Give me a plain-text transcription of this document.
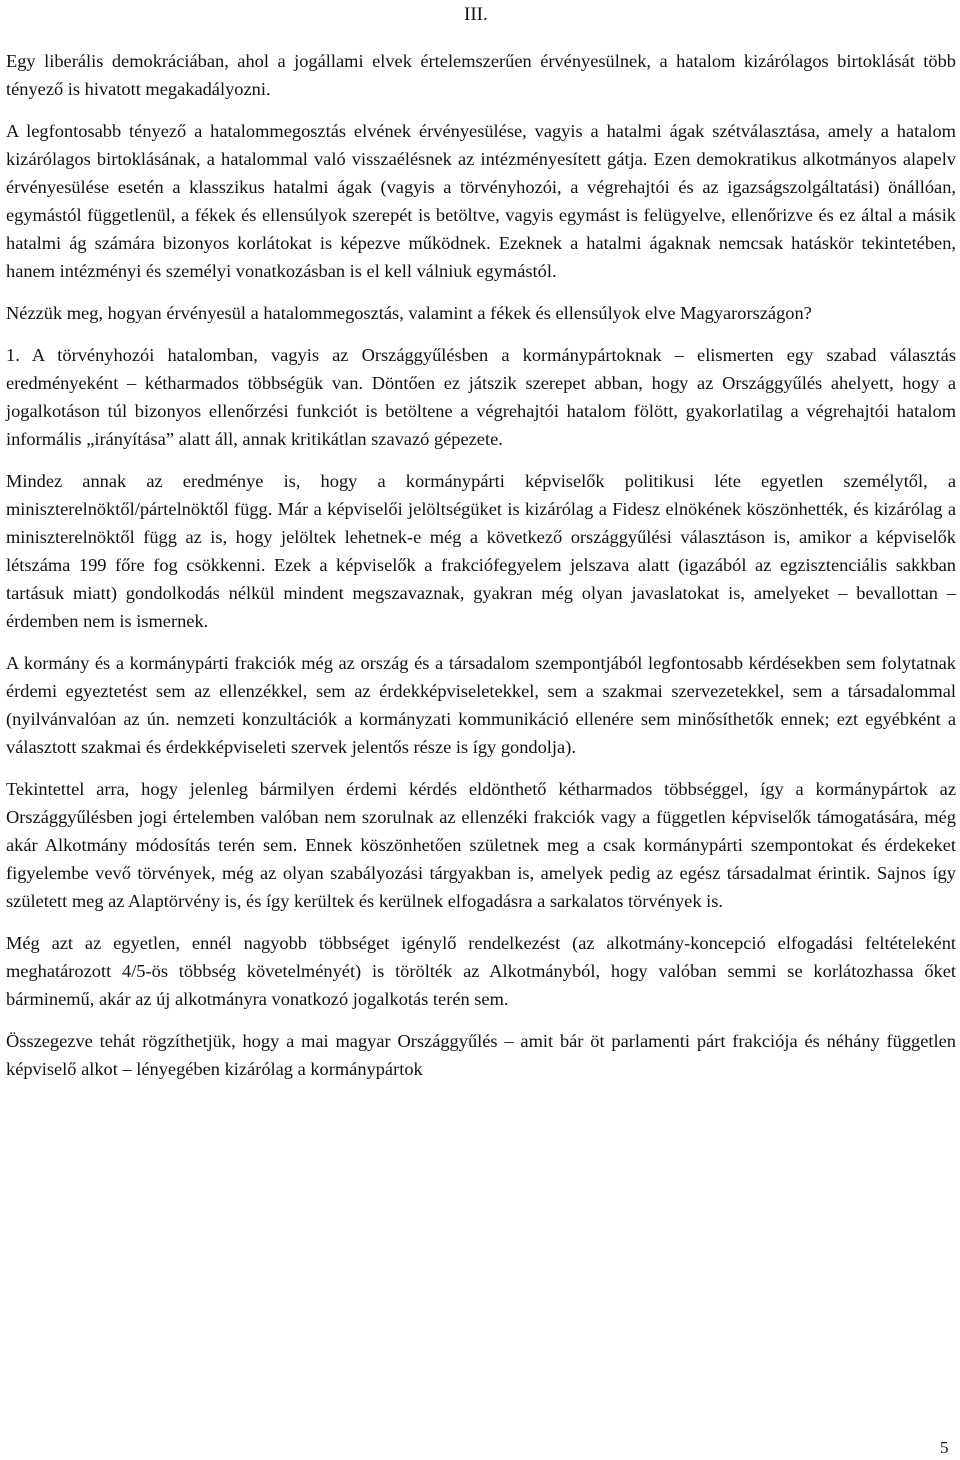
III.

Egy liberális demokráciában, ahol a jogállami elvek értelemszerűen érvényesülnek, a hatalom kizárólagos birtoklását több tényező is hivatott megakadályozni.

A legfontosabb tényező a hatalommegosztás elvének érvényesülése, vagyis a hatalmi ágak szétválasztása, amely a hatalom kizárólagos birtoklásának, a hatalommal való visszaélésnek az intézményesített gátja. Ezen demokratikus alkotmányos alapelv érvényesülése esetén a klasszikus hatalmi ágak (vagyis a törvényhozói, a végrehajtói és az igazságszolgáltatási) önállóan, egymástól függetlenül, a fékek és ellensúlyok szerepét is betöltve, vagyis egymást is felügyelve, ellenőrizve és ez által a másik hatalmi ág számára bizonyos korlátokat is képezve működnek. Ezeknek a hatalmi ágaknak nemcsak hatáskör tekintetében, hanem intézményi és személyi vonatkozásban is el kell válniuk egymástól.

Nézzük meg, hogyan érvényesül a hatalommegosztás, valamint a fékek és ellensúlyok elve Magyarországon?

1. A törvényhozói hatalomban, vagyis az Országgyűlésben a kormánypártoknak – elismerten egy szabad választás eredményeként – kétharmados többségük van. Döntően ez játszik szerepet abban, hogy az Országgyűlés ahelyett, hogy a jogalkotáson túl bizonyos ellenőrzési funkciót is betöltene a végrehajtói hatalom fölött, gyakorlatilag a végrehajtói hatalom informális „irányítása” alatt áll, annak kritikátlan szavazó gépezete.

Mindez annak az eredménye is, hogy a kormánypárti képviselők politikusi léte egyetlen személytől, a miniszterelnöktől/pártelnöktől függ. Már a képviselői jelöltségüket is kizárólag a Fidesz elnökének köszönhették, és kizárólag a miniszterelnöktől függ az is, hogy jelöltek lehetnek-e még a következő országgyűlési választáson is, amikor a képviselők létszáma 199 főre fog csökkenni. Ezek a képviselők a frakciófegyelem jelszava alatt (igazából az egzisztenciális sakkban tartásuk miatt) gondolkodás nélkül mindent megszavaznak, gyakran még olyan javaslatokat is, amelyeket – bevallottan – érdemben nem is ismernek.

A kormány és a kormánypárti frakciók még az ország és a társadalom szempontjából legfontosabb kérdésekben sem folytatnak érdemi egyeztetést sem az ellenzékkel, sem az érdekképviseletekkel, sem a szakmai szervezetekkel, sem a társadalommal (nyilvánvalóan az ún. nemzeti konzultációk a kormányzati kommunikáció ellenére sem minősíthetők ennek; ezt egyébként a választott szakmai és érdekképviseleti szervek jelentős része is így gondolja).

Tekintettel arra, hogy jelenleg bármilyen érdemi kérdés eldönthető kétharmados többséggel, így a kormánypártok az Országgyűlésben jogi értelemben valóban nem szorulnak az ellenzéki frakciók vagy a független képviselők támogatására, még akár Alkotmány módosítás terén sem. Ennek köszönhetően születnek meg a csak kormánypárti szempontokat és érdekeket figyelembe vevő törvények, még az olyan szabályozási tárgyakban is, amelyek pedig az egész társadalmat érintik. Sajnos így született meg az Alaptörvény is, és így kerültek és kerülnek elfogadásra a sarkalatos törvények is.

Még azt az egyetlen, ennél nagyobb többséget igénylő rendelkezést (az alkotmány-koncepció elfogadási feltételeként meghatározott 4/5-ös többség követelményét) is törölték az Alkotmányból, hogy valóban semmi se korlátozhassa őket bárminemű, akár az új alkotmányra vonatkozó jogalkotás terén sem.

Összegezve tehát rögzíthetjük, hogy a mai magyar Országgyűlés – amit bár öt parlamenti párt frakciója és néhány független képviselő alkot – lényegében kizárólag a kormánypártok

5
